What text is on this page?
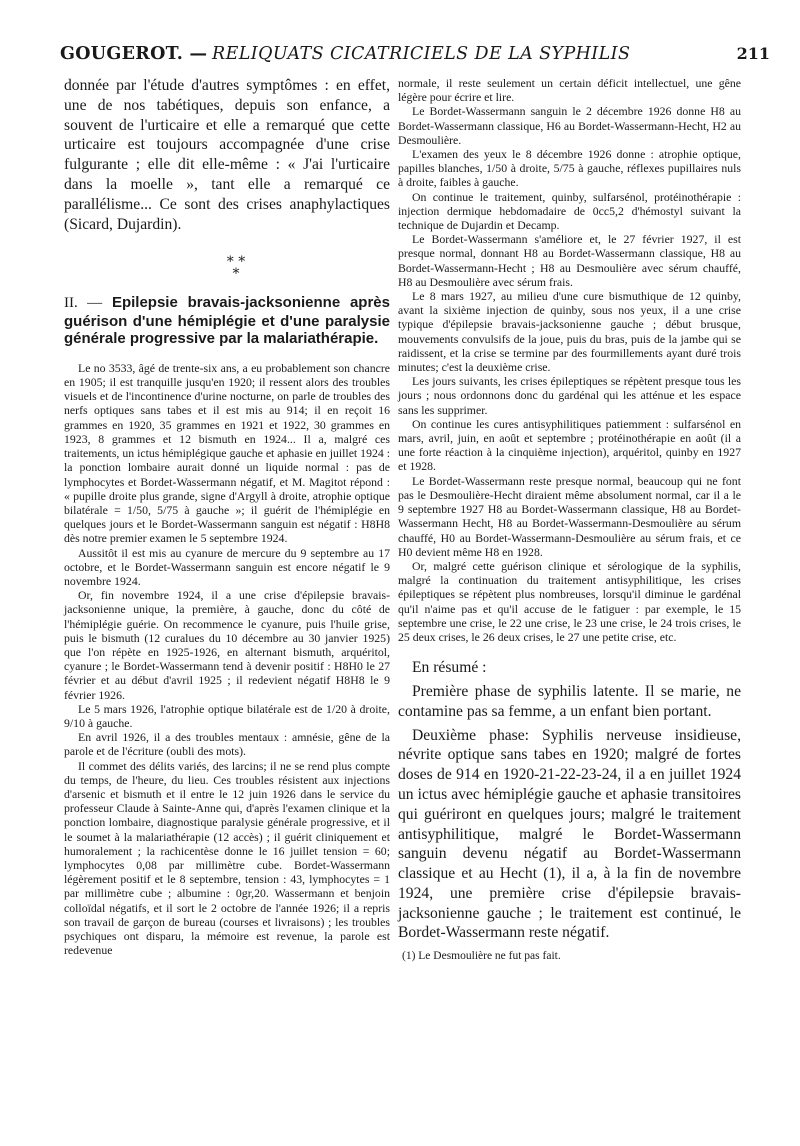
GOUGEROT. — RELIQUATS CICATRICIELS DE LA SYPHILIS	211

donnée par l'étude d'autres symptômes : en effet, une de nos tabétiques, depuis son enfance, a souvent de l'urticaire et elle a remarqué que cette urticaire est toujours accompagnée d'une crise fulgurante ; elle dit elle-même : « J'ai l'urticaire dans la moelle », tant elle a remarqué ce parallélisme... Ce sont des crises anaphylactiques (Sicard, Dujardin).

* *
*

II. — Epilepsie bravais-jacksonienne après guérison d'une hémiplégie et d'une paralysie générale progressive par la malariathérapie.

Le no 3533, âgé de trente-six ans, a eu probablement son chancre en 1905; il est tranquille jusqu'en 1920; il ressent alors des troubles visuels et de l'incontinence d'urine nocturne, on parle de troubles des nerfs optiques sans tabes et il est mis au 914; il en reçoit 16 grammes en 1920, 35 grammes en 1921 et 1922, 30 grammes en 1923, 8 grammes et 12 bismuth en 1924... Il a, malgré ces traitements, un ictus hémiplégique gauche et aphasie en juillet 1924 : la ponction lombaire aurait donné un liquide normal : pas de lymphocytes et Bordet-Wassermann négatif, et M. Magitot répond : « pupille droite plus grande, signe d'Argyll à droite, atrophie optique bilatérale = 1/50, 5/75 à gauche »; il guérit de l'hémiplégie en quelques jours et le Bordet-Wassermann sanguin est négatif : H8H8 dès notre premier examen le 5 septembre 1924.

Aussitôt il est mis au cyanure de mercure du 9 septembre au 17 octobre, et le Bordet-Wassermann sanguin est encore négatif le 9 novembre 1924.

Or, fin novembre 1924, il a une crise d'épilepsie bravais-jacksonienne unique, la première, à gauche, donc du côté de l'hémiplégie guérie. On recommence le cyanure, puis l'huile grise, puis le bismuth (12 curalues du 10 décembre au 30 janvier 1925) que l'on répète en 1925-1926, en alternant bismuth, arquéritol, cyanure ; le Bordet-Wassermann tend à devenir positif : H8H0 le 27 février et au début d'avril 1925 ; il redevient négatif H8H8 le 9 février 1926.

Le 5 mars 1926, l'atrophie optique bilatérale est de 1/20 à droite, 9/10 à gauche.

En avril 1926, il a des troubles mentaux : amnésie, gêne de la parole et de l'écriture (oubli des mots).

Il commet des délits variés, des larcins; il ne se rend plus compte du temps, de l'heure, du lieu. Ces troubles résistent aux injections d'arsenic et bismuth et il entre le 12 juin 1926 dans le service du professeur Claude à Sainte-Anne qui, d'après l'examen clinique et la ponction lombaire, diagnostique paralysie générale progressive, et il le soumet à la malariathérapie (12 accès) ; il guérit cliniquement et humoralement ; la rachicentèse donne le 16 juillet tension = 60; lymphocytes 0,08 par millimètre cube. Bordet-Wassermann légèrement positif et le 8 septembre, tension : 43, lymphocytes = 1 par millimètre cube ; albumine : 0gr,20. Wassermann et benjoin colloïdal négatifs, et il sort le 2 octobre de l'année 1926; il a repris son travail de garçon de bureau (courses et livraisons) ; les troubles psychiques ont disparu, la mémoire est revenue, la parole est redevenue

normale, il reste seulement un certain déficit intellectuel, une gêne légère pour écrire et lire.

Le Bordet-Wassermann sanguin le 2 décembre 1926 donne H8 au Bordet-Wassermann classique, H6 au Bordet-Wassermann-Hecht, H2 au Desmoulière.

L'examen des yeux le 8 décembre 1926 donne : atrophie optique, papilles blanches, 1/50 à droite, 5/75 à gauche, réflexes pupillaires nuls à droite, faibles à gauche.

On continue le traitement, quinby, sulfarsénol, protéinothérapie : injection dermique hebdomadaire de 0cc5,2 d'hémostyl suivant la technique de Dujardin et Decamp.

Le Bordet-Wassermann s'améliore et, le 27 février 1927, il est presque normal, donnant H8 au Bordet-Wassermann classique, H8 au Bordet-Wassermann-Hecht ; H8 au Desmoulière avec sérum chauffé, H8 au Desmoulière avec sérum frais.

Le 8 mars 1927, au milieu d'une cure bismuthique de 12 quinby, avant la sixième injection de quinby, sous nos yeux, il a une crise typique d'épilepsie bravais-jacksonienne gauche ; début brusque, mouvements convulsifs de la joue, puis du bras, puis de la jambe qui se raidissent, et la crise se termine par des fourmillements ayant duré trois minutes; c'est la deuxième crise.

Les jours suivants, les crises épileptiques se répètent presque tous les jours ; nous ordonnons donc du gardénal qui les atténue et les espace sans les supprimer.

On continue les cures antisyphilitiques patiemment : sulfarsénol en mars, avril, juin, en août et septembre ; protéinothérapie en août (il a une forte réaction à la cinquième injection), arquéritol, quinby en 1927 et 1928.

Le Bordet-Wassermann reste presque normal, beaucoup qui ne font pas le Desmoulière-Hecht diraient même absolument normal, car il a le 9 septembre 1927 H8 au Bordet-Wassermann classique, H8 au Bordet-Wassermann Hecht, H8 au Bordet-Wassermann-Desmoulière au sérum chauffé, H0 au Bordet-Wassermann-Desmoulière au sérum frais, et ce H0 devient même H8 en 1928.

Or, malgré cette guérison clinique et sérologique de la syphilis, malgré la continuation du traitement antisyphilitique, les crises épileptiques se répètent plus nombreuses, lorsqu'il diminue le gardénal qu'il n'aime pas et qu'il accuse de le fatiguer : par exemple, le 15 septembre une crise, le 22 une crise, le 23 une crise, le 24 trois crises, le 25 deux crises, le 26 deux crises, le 27 une petite crise, etc.

En résumé :

Première phase de syphilis latente. Il se marie, ne contamine pas sa femme, a un enfant bien portant.

Deuxième phase: Syphilis nerveuse insidieuse, névrite optique sans tabes en 1920; malgré de fortes doses de 914 en 1920-21-22-23-24, il a en juillet 1924 un ictus avec hémiplégie gauche et aphasie transitoires qui guériront en quelques jours; malgré le traitement antisyphilitique, malgré le Bordet-Wassermann sanguin devenu négatif au Bordet-Wassermann classique et au Hecht (1), il a, à la fin de novembre 1924, une première crise d'épilepsie bravais-jacksonienne gauche ; le traitement est continué, le Bordet-Wassermann reste négatif.

(1) Le Desmoulière ne fut pas fait.
